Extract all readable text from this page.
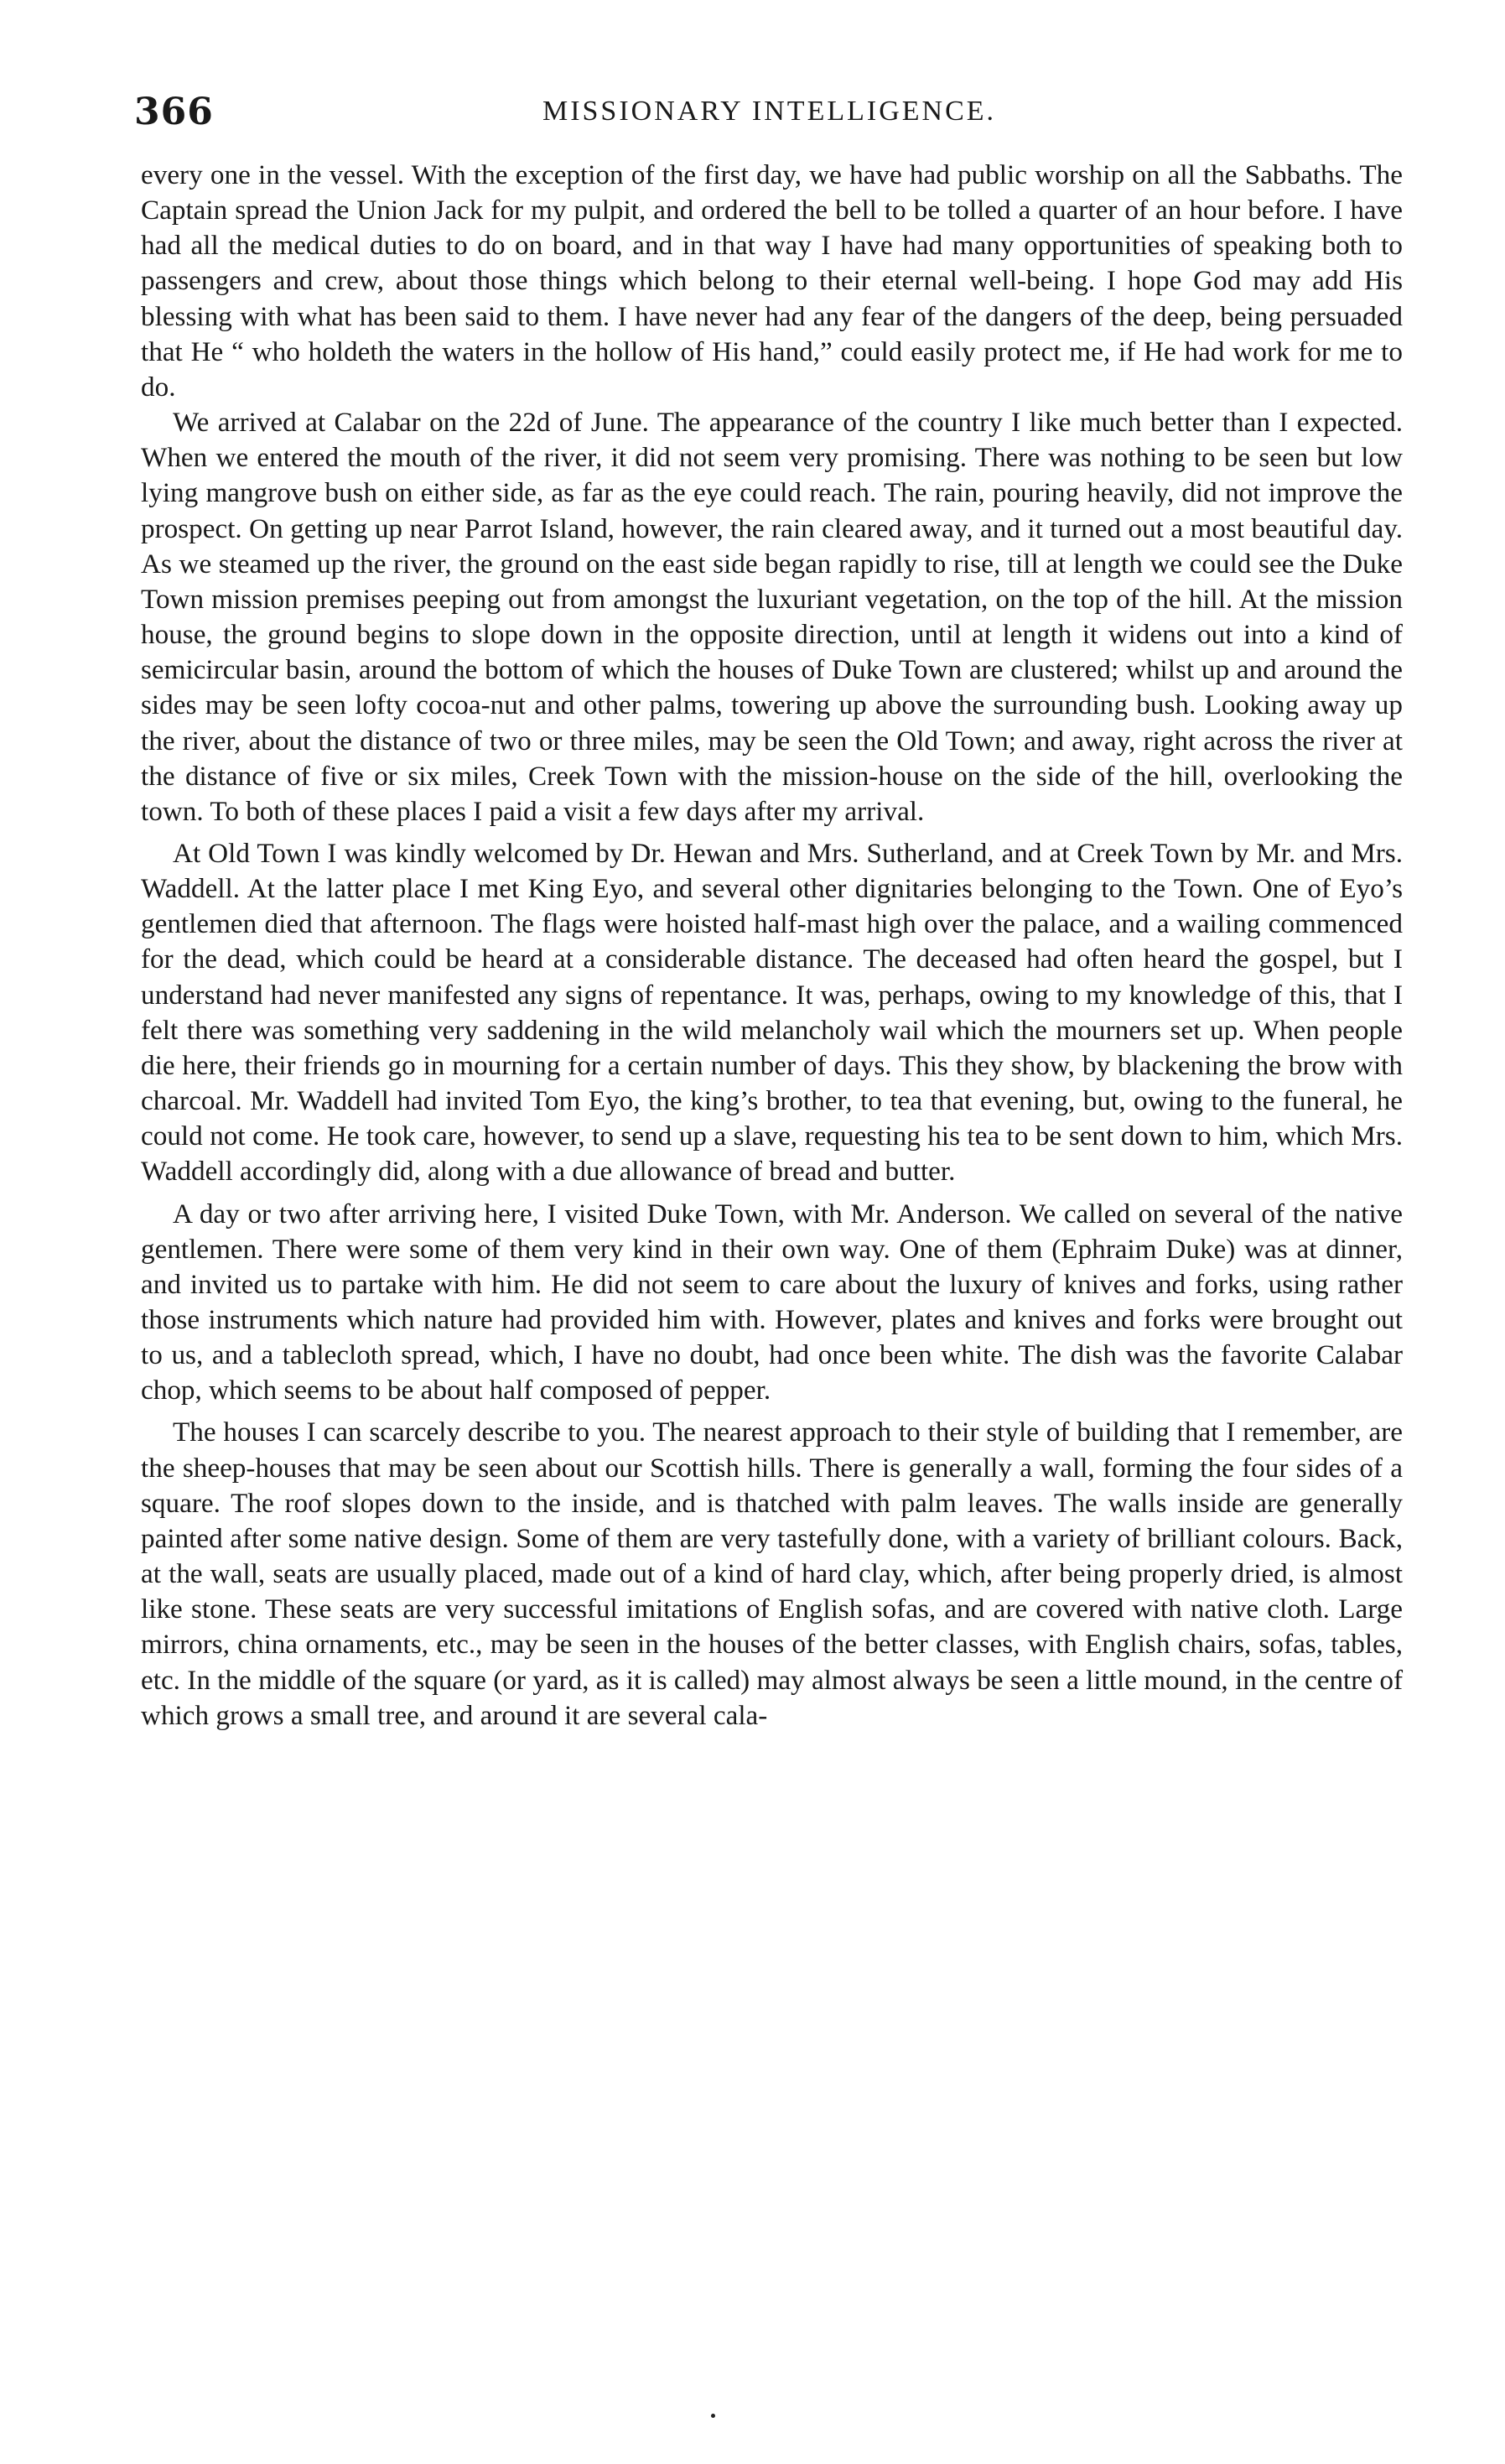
366	MISSIONARY INTELLIGENCE.

every one in the vessel. With the exception of the first day, we have had public worship on all the Sabbaths. The Captain spread the Union Jack for my pulpit, and ordered the bell to be tolled a quarter of an hour before. I have had all the medical duties to do on board, and in that way I have had many opportunities of speaking both to passengers and crew, about those things which belong to their eternal well-being. I hope God may add His blessing with what has been said to them. I have never had any fear of the dangers of the deep, being persuaded that He “ who holdeth the waters in the hollow of His hand,” could easily protect me, if He had work for me to do.

We arrived at Calabar on the 22d of June. The appearance of the country I like much better than I expected. When we entered the mouth of the river, it did not seem very promising. There was nothing to be seen but low lying mangrove bush on either side, as far as the eye could reach. The rain, pouring heavily, did not improve the prospect. On getting up near Parrot Island, however, the rain cleared away, and it turned out a most beautiful day. As we steamed up the river, the ground on the east side began rapidly to rise, till at length we could see the Duke Town mission premises peeping out from amongst the luxuriant vegetation, on the top of the hill. At the mission house, the ground begins to slope down in the opposite direction, until at length it widens out into a kind of semicircular basin, around the bottom of which the houses of Duke Town are clustered; whilst up and around the sides may be seen lofty cocoa-nut and other palms, towering up above the surrounding bush. Looking away up the river, about the distance of two or three miles, may be seen the Old Town; and away, right across the river at the distance of five or six miles, Creek Town with the mission-house on the side of the hill, overlooking the town. To both of these places I paid a visit a few days after my arrival.

At Old Town I was kindly welcomed by Dr. Hewan and Mrs. Sutherland, and at Creek Town by Mr. and Mrs. Waddell. At the latter place I met King Eyo, and several other dignitaries belonging to the Town. One of Eyo’s gentlemen died that afternoon. The flags were hoisted half-mast high over the palace, and a wailing commenced for the dead, which could be heard at a considerable distance. The deceased had often heard the gospel, but I understand had never manifested any signs of repentance. It was, perhaps, owing to my knowledge of this, that I felt there was something very saddening in the wild melancholy wail which the mourners set up. When people die here, their friends go in mourning for a certain number of days. This they show, by blackening the brow with charcoal. Mr. Waddell had invited Tom Eyo, the king’s brother, to tea that evening, but, owing to the funeral, he could not come. He took care, however, to send up a slave, requesting his tea to be sent down to him, which Mrs. Waddell accordingly did, along with a due allowance of bread and butter.

A day or two after arriving here, I visited Duke Town, with Mr. Anderson. We called on several of the native gentlemen. There were some of them very kind in their own way. One of them (Ephraim Duke) was at dinner, and invited us to partake with him. He did not seem to care about the luxury of knives and forks, using rather those instruments which nature had provided him with. However, plates and knives and forks were brought out to us, and a tablecloth spread, which, I have no doubt, had once been white. The dish was the favorite Calabar chop, which seems to be about half composed of pepper.

The houses I can scarcely describe to you. The nearest approach to their style of building that I remember, are the sheep-houses that may be seen about our Scottish hills. There is generally a wall, forming the four sides of a square. The roof slopes down to the inside, and is thatched with palm leaves. The walls inside are generally painted after some native design. Some of them are very tastefully done, with a variety of brilliant colours. Back, at the wall, seats are usually placed, made out of a kind of hard clay, which, after being properly dried, is almost like stone. These seats are very successful imitations of English sofas, and are covered with native cloth. Large mirrors, china ornaments, etc., may be seen in the houses of the better classes, with English chairs, sofas, tables, etc. In the middle of the square (or yard, as it is called) may almost always be seen a little mound, in the centre of which grows a small tree, and around it are several cala-
